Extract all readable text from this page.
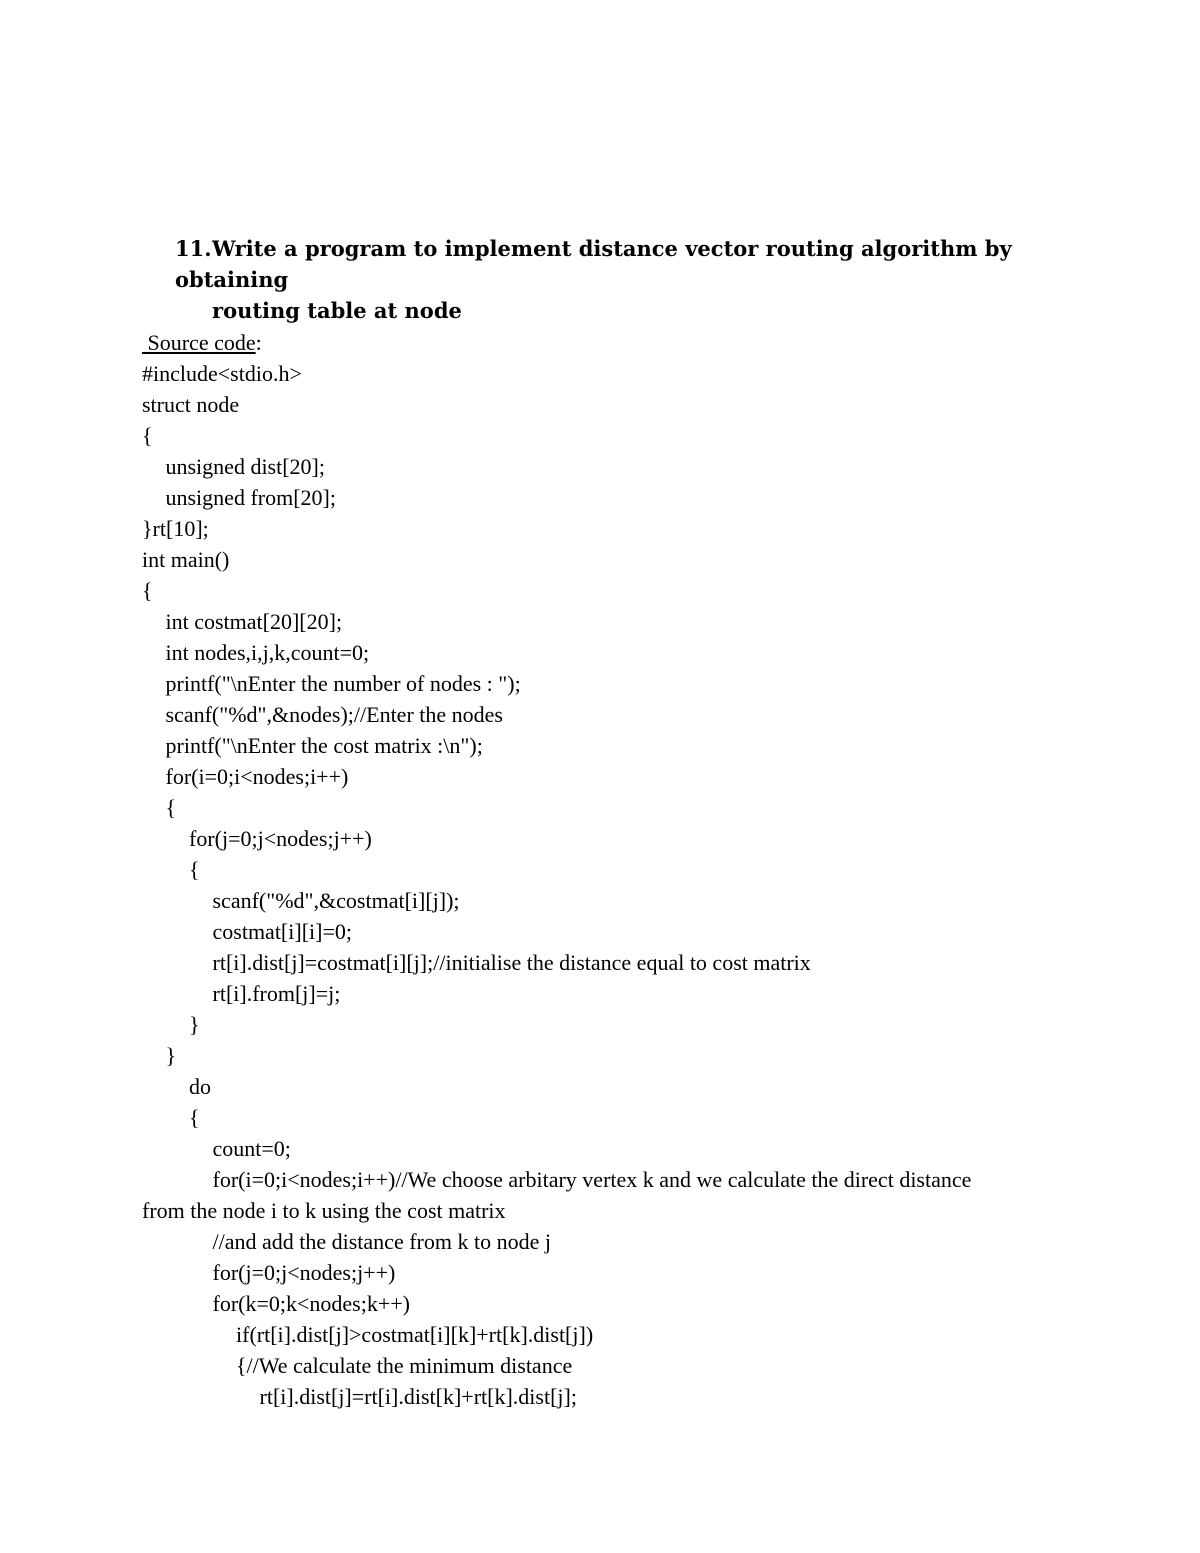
11.Write a program to implement distance vector routing algorithm by obtaining
routing table at node
Source code:
#include<stdio.h>
struct node
{
unsigned dist[20];
unsigned from[20];
}rt[10];
int main()
{
int costmat[20][20];
int nodes,i,j,k,count=0;
printf("\nEnter the number of nodes : ");
scanf("%d",&nodes);//Enter the nodes
printf("\nEnter the cost matrix :\n");
for(i=0;i<nodes;i++)
{
for(j=0;j<nodes;j++)
{
scanf("%d",&costmat[i][j]);
costmat[i][i]=0;
rt[i].dist[j]=costmat[i][j];//initialise the distance equal to cost matrix
rt[i].from[j]=j;
}
}
do
{
count=0;
for(i=0;i<nodes;i++)//We choose arbitary vertex k and we calculate the direct distance
from the node i to k using the cost matrix
//and add the distance from k to node j
for(j=0;j<nodes;j++)
for(k=0;k<nodes;k++)
if(rt[i].dist[j]>costmat[i][k]+rt[k].dist[j])
{//We calculate the minimum distance
rt[i].dist[j]=rt[i].dist[k]+rt[k].dist[j];
